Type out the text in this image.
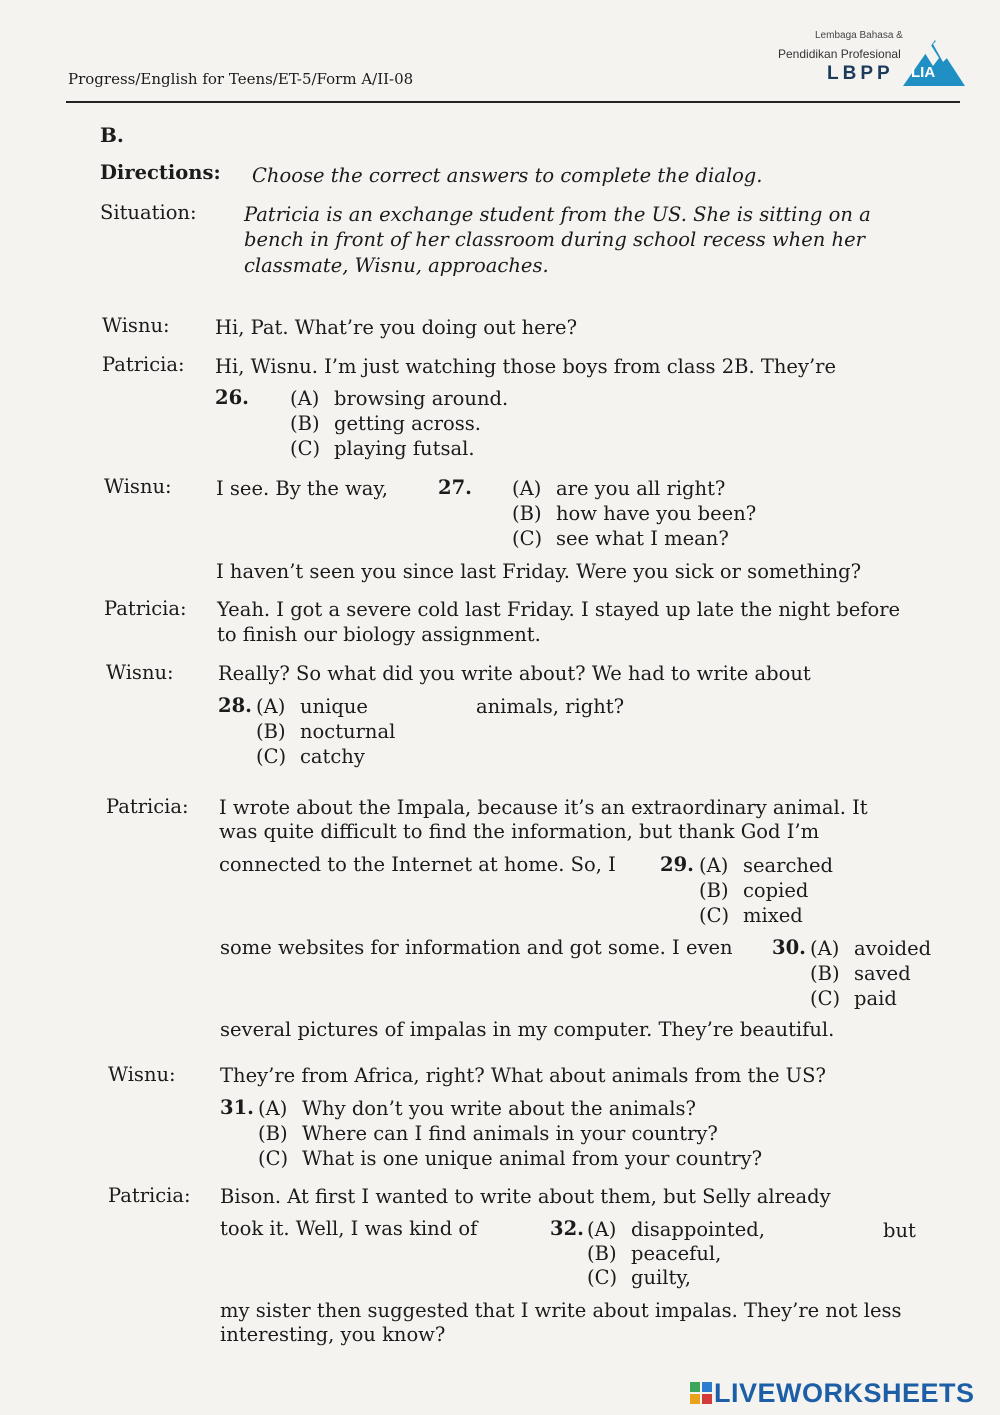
Progress/English for Teens/ET-5/Form A/II-08
Lembaga Bahasa &
Pendidikan Profesional
LBPP LIA
B.
Directions: Choose the correct answers to complete the dialog.
Situation: Patricia is an exchange student from the US. She is sitting on a
bench in front of her classroom during school recess when her
classmate, Wisnu, approaches.
Wisnu: Hi, Pat. What’re you doing out here?
Patricia: Hi, Wisnu. I’m just watching those boys from class 2B. They’re
26. (A) browsing around.
(B) getting across.
(C) playing futsal.
Wisnu: I see. By the way,	27. (A) are you all right?
(B) how have you been?
(C) see what I mean?
I haven’t seen you since last Friday. Were you sick or something?
Patricia: Yeah. I got a severe cold last Friday. I stayed up late the night before
to finish our biology assignment.
Wisnu: Really? So what did you write about? We had to write about
28. (A) unique	animals, right?
(B) nocturnal
(C) catchy
Patricia: I wrote about the Impala, because it’s an extraordinary animal. It
was quite difficult to find the information, but thank God I’m
connected to the Internet at home. So, I 29. (A) searched
(B) copied
(C) mixed
some websites for information and got some. I even 30. (A) avoided
(B) saved
(C) paid
several pictures of impalas in my computer. They’re beautiful.
Wisnu: They’re from Africa, right? What about animals from the US?
31. (A) Why don’t you write about the animals?
(B) Where can I find animals in your country?
(C) What is one unique animal from your country?
Patricia: Bison. At first I wanted to write about them, but Selly already
took it. Well, I was kind of	32. (A) disappointed,	but
(B) peaceful,
(C) guilty,
my sister then suggested that I write about impalas. They’re not less
interesting, you know?
LIVEWORKSHEETS
